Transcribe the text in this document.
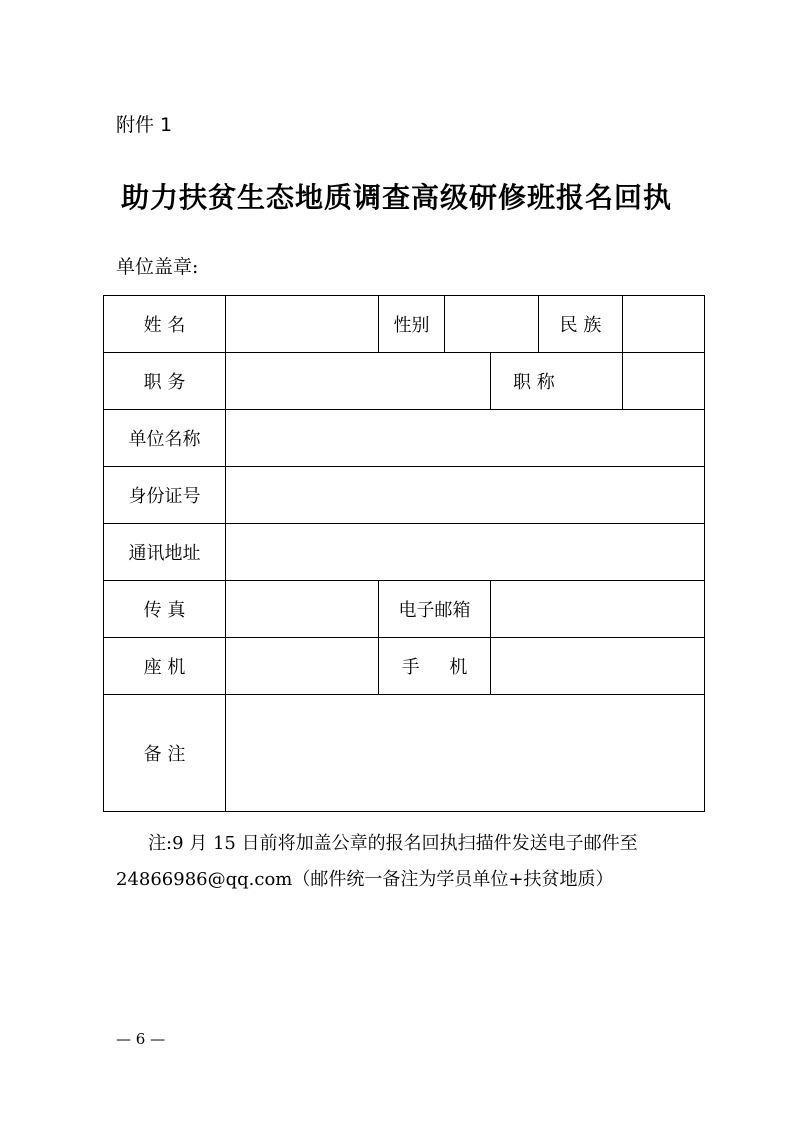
附件 1
助力扶贫生态地质调查高级研修班报名回执
单位盖章:
姓 名		性别			民 族	
职 务				职 称		
单位名称						
身份证号						
通讯地址						
传 真		电子邮箱				
座 机		手 机				
备 注						
注:9 月 15 日前将加盖公章的报名回执扫描件发送电子邮件至
24866986@qq.com（邮件统一备注为学员单位+扶贫地质）
— 6 —
